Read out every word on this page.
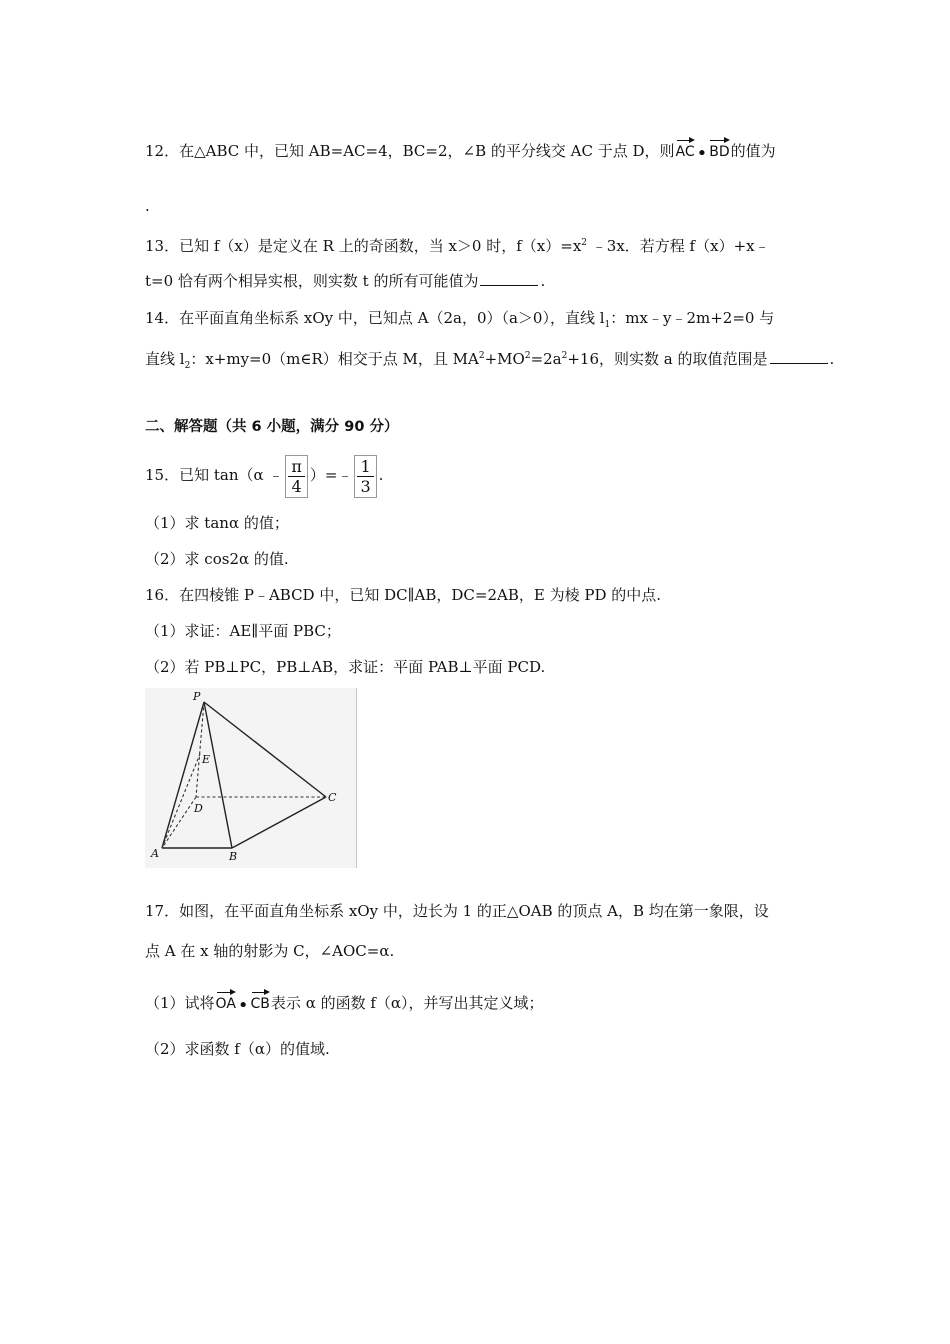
12．在△ABC 中，已知 AB=AC=4，BC=2，∠B 的平分线交 AC 于点 D，则AC • BD的值为
.
13．已知 f（x）是定义在 R 上的奇函数，当 x＞0 时，$f(x)=x^2$ ﹣3x．若方程 f（x）+x﹣
t=0 恰有两个相异实根，则实数 t 的所有可能值为	.
14．在平面直角坐标系 xOy 中，已知点 A（2a，0）（a＞0），直线 $l_1$：mx﹣y﹣2m+2=0 与
直线 $l_2$：x+my=0（m∈R）相交于点 M，且 $MA^2+MO^2=2a^2+16$，则实数 a 的取值范围是	.
二、解答题（共 6 小题，满分 90 分）
15．已知 tan（α ﹣ $\frac{\pi}{4}$ ）=﹣ $\frac{1}{3}$ .
（1）求 tanα 的值；
（2）求 cos2α 的值.
16．在四棱锥 P﹣ABCD 中，已知 DC∥AB，DC=2AB，E 为棱 PD 的中点.
（1）求证：AE∥平面 PBC；
（2）若 PB⊥PC，PB⊥AB，求证：平面 PAB⊥平面 PCD.
P
E
D
C
A	B
17．如图，在平面直角坐标系 xOy 中，边长为 1 的正△OAB 的顶点 A，B 均在第一象限，设
点 A 在 x 轴的射影为 C，∠AOC=α.
（1）试将OA • CB表示 α 的函数 f（α），并写出其定义域；
（2）求函数 f（α）的值域.
